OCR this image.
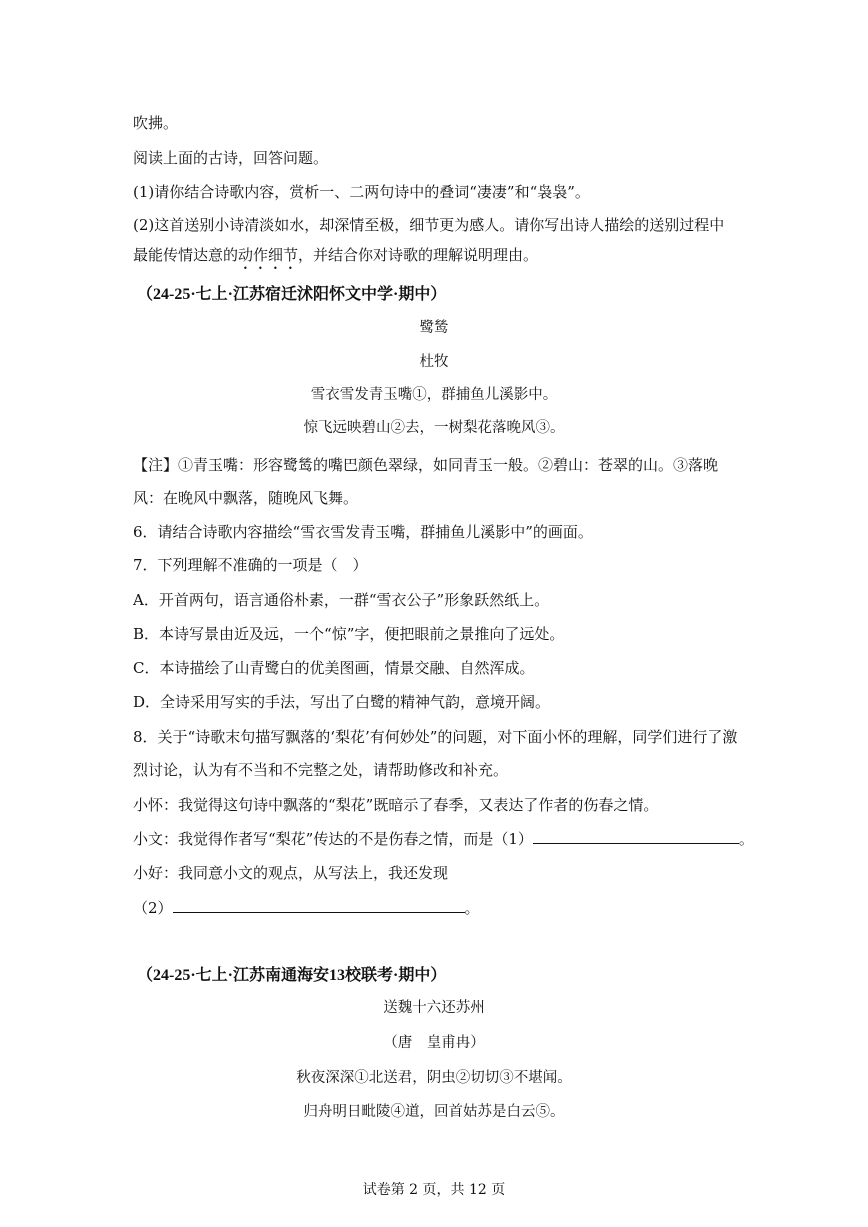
吹拂。
阅读上面的古诗，回答问题。
(1)请你结合诗歌内容，赏析一、二两句诗中的叠词“凄凄”和“袅袅”。
(2)这首送别小诗清淡如水，却深情至极，细节更为感人。请你写出诗人描绘的送别过程中
最能传情达意的动作细节，并结合你对诗歌的理解说明理由。
（24-25·七上·江苏宿迁沭阳怀文中学·期中）
鹭鸶
杜牧
雪衣雪发青玉嘴①，群捕鱼儿溪影中。
惊飞远映碧山②去，一树梨花落晚风③。
【注】①青玉嘴：形容鹭鸶的嘴巴颜色翠绿，如同青玉一般。②碧山：苍翠的山。③落晚
风：在晚风中飘落，随晚风飞舞。
6．请结合诗歌内容描绘“雪衣雪发青玉嘴，群捕鱼儿溪影中”的画面。
7．下列理解不准确的一项是（　）
A．开首两句，语言通俗朴素，一群“雪衣公子”形象跃然纸上。
B．本诗写景由近及远，一个“惊”字，便把眼前之景推向了远处。
C．本诗描绘了山青鹭白的优美图画，情景交融、自然浑成。
D．全诗采用写实的手法，写出了白鹭的精神气韵，意境开阔。
8．关于“诗歌末句描写飘落的‘梨花’有何妙处”的问题，对下面小怀的理解，同学们进行了激
烈讨论，认为有不当和不完整之处，请帮助修改和补充。
小怀：我觉得这句诗中飘落的“梨花”既暗示了春季，又表达了作者的伤春之情。
小文：我觉得作者写“梨花”传达的不是伤春之情，而是（1）	。
小好：我同意小文的观点，从写法上，我还发现
（2）	。
（24-25·七上·江苏南通海安13校联考·期中）
送魏十六还苏州
（唐　皇甫冉）
秋夜深深①北送君，阴虫②切切③不堪闻。
归舟明日毗陵④道，回首姑苏是白云⑤。
试卷第 2 页，共 12 页
